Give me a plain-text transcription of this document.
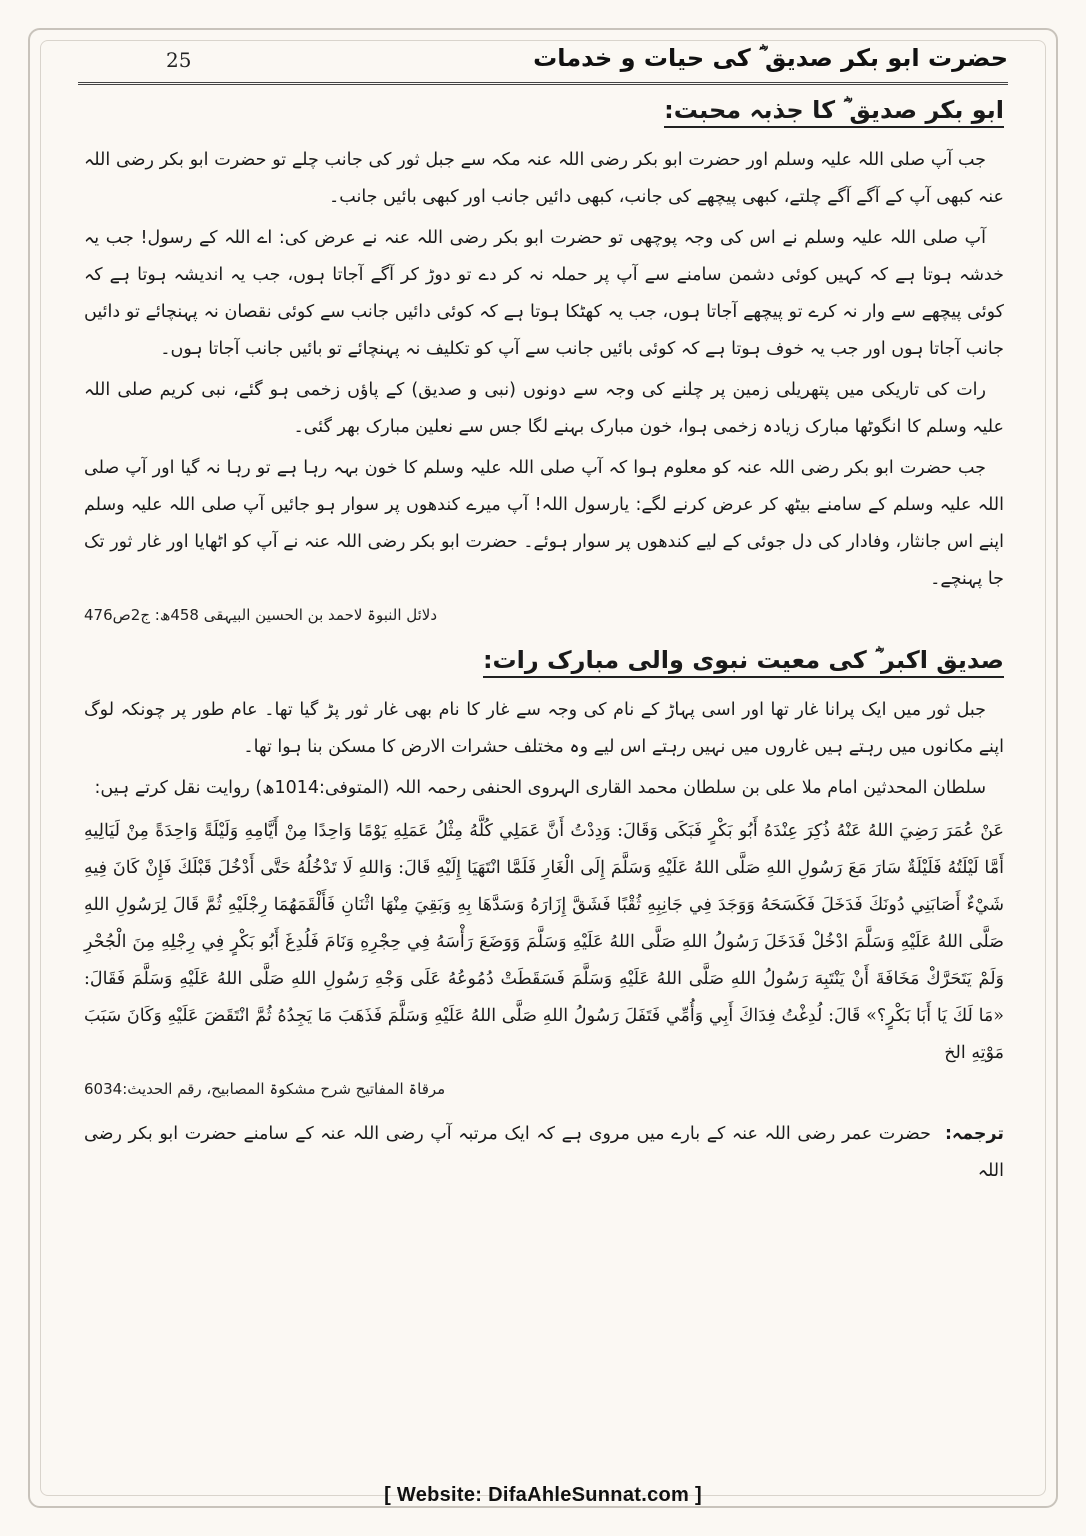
حضرت ابو بکر صدیق ؓ کی حیات و خدمات
25
ابو بکر صدیق ؓ کا جذبہ محبت:

جب آپ صلی اللہ علیہ وسلم اور حضرت ابو بکر رضی اللہ عنہ مکہ سے جبل ثور کی جانب چلے تو حضرت ابو بکر رضی اللہ عنہ کبھی آپ کے آگے آگے چلتے، کبھی پیچھے کی جانب، کبھی دائیں جانب اور کبھی بائیں جانب۔

آپ صلی اللہ علیہ وسلم نے اس کی وجہ پوچھی تو حضرت ابو بکر رضی اللہ عنہ نے عرض کی: اے اللہ کے رسول! جب یہ خدشہ ہوتا ہے کہ کہیں کوئی دشمن سامنے سے آپ پر حملہ نہ کر دے تو دوڑ کر آگے آجاتا ہوں، جب یہ اندیشہ ہوتا ہے کہ کوئی پیچھے سے وار نہ کرے تو پیچھے آجاتا ہوں، جب یہ کھٹکا ہوتا ہے کہ کوئی دائیں جانب سے کوئی نقصان نہ پہنچائے تو دائیں جانب آجاتا ہوں اور جب یہ خوف ہوتا ہے کہ کوئی بائیں جانب سے آپ کو تکلیف نہ پہنچائے تو بائیں جانب آجاتا ہوں۔

رات کی تاریکی میں پتھریلی زمین پر چلنے کی وجہ سے دونوں (نبی و صدیق) کے پاؤں زخمی ہو گئے، نبی کریم صلی اللہ علیہ وسلم کا انگوٹھا مبارک زیادہ زخمی ہوا، خون مبارک بہنے لگا جس سے نعلین مبارک بھر گئی۔

جب حضرت ابو بکر رضی اللہ عنہ کو معلوم ہوا کہ آپ صلی اللہ علیہ وسلم کا خون بہہ رہا ہے تو رہا نہ گیا اور آپ صلی اللہ علیہ وسلم کے سامنے بیٹھ کر عرض کرنے لگے: یارسول اللہ! آپ میرے کندھوں پر سوار ہو جائیں آپ صلی اللہ علیہ وسلم اپنے اس جانثار، وفادار کی دل جوئی کے لیے کندھوں پر سوار ہوئے۔ حضرت ابو بکر رضی اللہ عنہ نے آپ کو اٹھایا اور غار ثور تک جا پہنچے۔

دلائل النبوۃ لاحمد بن الحسین البیہقی 458ھ: ج2ص476
صدیق اکبر ؓ کی معیت نبوی والی مبارک رات:

جبل ثور میں ایک پرانا غار تھا اور اسی پہاڑ کے نام کی وجہ سے غار کا نام بھی غار ثور پڑ گیا تھا۔ عام طور پر چونکہ لوگ اپنے مکانوں میں رہتے ہیں غاروں میں نہیں رہتے اس لیے وہ مختلف حشرات الارض کا مسکن بنا ہوا تھا۔

سلطان المحدثین امام ملا علی بن سلطان محمد القاری الہروی الحنفی رحمہ اللہ (المتوفی:1014ھ) روایت نقل کرتے ہیں:

عَنْ عُمَرَ رَضِيَ اللهُ عَنْهُ ذُكِرَ عِنْدَهُ أَبُو بَكْرٍ فَبَكَى وَقَالَ: وَدِدْتُ أَنَّ عَمَلِي كُلَّهُ مِثْلُ عَمَلِهِ يَوْمًا وَاحِدًا مِنْ أَيَّامِهِ وَلَيْلَةً وَاحِدَةً مِنْ لَيَالِيهِ أَمَّا لَيْلَتُهُ فَلَيْلَةٌ سَارَ مَعَ رَسُولِ اللهِ صَلَّى اللهُ عَلَيْهِ وَسَلَّمَ إِلَى الْغَارِ فَلَمَّا انْتَهَيَا إِلَيْهِ قَالَ: وَاللهِ لَا تَدْخُلُهُ حَتَّى أَدْخُلَ قَبْلَكَ فَإِنْ كَانَ فِيهِ شَيْءٌ أَصَابَنِي دُونَكَ فَدَخَلَ فَكَسَحَهُ وَوَجَدَ فِي جَانِبِهِ ثُقْبًا فَشَقَّ إِزَارَهُ وَسَدَّهَا بِهِ وَبَقِيَ مِنْهَا اثْنَانِ فَأَلْقَمَهُمَا رِجْلَيْهِ ثُمَّ قَالَ لِرَسُولِ اللهِ صَلَّى اللهُ عَلَيْهِ وَسَلَّمَ ادْخُلْ فَدَخَلَ رَسُولُ اللهِ صَلَّى اللهُ عَلَيْهِ وَسَلَّمَ وَوَضَعَ رَأْسَهُ فِي حِجْرِهِ وَنَامَ فَلُدِغَ أَبُو بَكْرٍ فِي رِجْلِهِ مِنَ الْجُحْرِ وَلَمْ يَتَحَرَّكْ مَخَافَةَ أَنْ يَنْتَبِهَ رَسُولُ اللهِ صَلَّى اللهُ عَلَيْهِ وَسَلَّمَ فَسَقَطَتْ دُمُوعُهُ عَلَى وَجْهِ رَسُولِ اللهِ صَلَّى اللهُ عَلَيْهِ وَسَلَّمَ فَقَالَ: «مَا لَكَ يَا أَبَا بَكْرٍ؟» قَالَ: لُدِغْتُ فِدَاكَ أَبِي وَأُمِّي فَتَفَلَ رَسُولُ اللهِ صَلَّى اللهُ عَلَيْهِ وَسَلَّمَ فَذَهَبَ مَا يَجِدُهُ ثُمَّ انْتَقَضَ عَلَيْهِ وَكَانَ سَبَبَ مَوْتِهِ الخ

مرقاۃ المفاتیح شرح مشکوۃ المصابیح، رقم الحدیث:6034

ترجمہ:حضرت عمر رضی اللہ عنہ کے بارے میں مروی ہے کہ ایک مرتبہ آپ رضی اللہ عنہ کے سامنے حضرت ابو بکر رضی اللہ

[ Website: DifaAhleSunnat.com ]
